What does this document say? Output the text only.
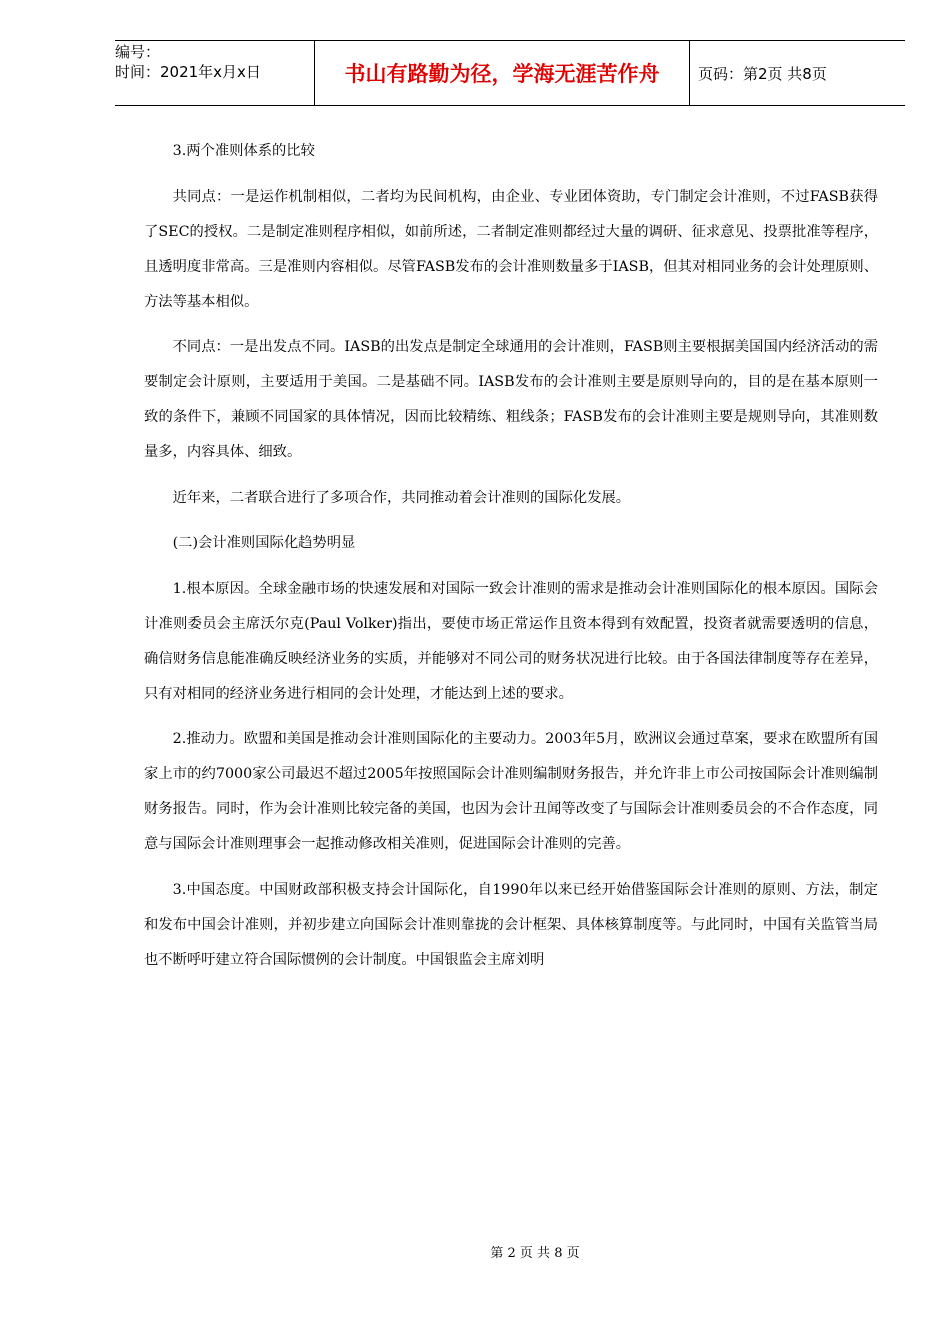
编号：
时间：2021年x月x日	书山有路勤为径，学海无涯苦作舟	页码：第2页 共8页

3.两个准则体系的比较

共同点：一是运作机制相似，二者均为民间机构，由企业、专业团体资助，专门制定会计准则，不过FASB获得了SEC的授权。二是制定准则程序相似，如前所述，二者制定准则都经过大量的调研、征求意见、投票批准等程序，且透明度非常高。三是准则内容相似。尽管FASB发布的会计准则数量多于IASB，但其对相同业务的会计处理原则、方法等基本相似。

不同点：一是出发点不同。IASB的出发点是制定全球通用的会计准则，FASB则主要根据美国国内经济活动的需要制定会计原则，主要适用于美国。二是基础不同。IASB发布的会计准则主要是原则导向的，目的是在基本原则一致的条件下，兼顾不同国家的具体情况，因而比较精练、粗线条；FASB发布的会计准则主要是规则导向，其准则数量多，内容具体、细致。

近年来，二者联合进行了多项合作，共同推动着会计准则的国际化发展。

(二)会计准则国际化趋势明显

1.根本原因。全球金融市场的快速发展和对国际一致会计准则的需求是推动会计准则国际化的根本原因。国际会计准则委员会主席沃尔克(Paul Volker)指出，要使市场正常运作且资本得到有效配置，投资者就需要透明的信息，确信财务信息能准确反映经济业务的实质，并能够对不同公司的财务状况进行比较。由于各国法律制度等存在差异，只有对相同的经济业务进行相同的会计处理，才能达到上述的要求。

2.推动力。欧盟和美国是推动会计准则国际化的主要动力。2003年5月，欧洲议会通过草案，要求在欧盟所有国家上市的约7000家公司最迟不超过2005年按照国际会计准则编制财务报告，并允许非上市公司按国际会计准则编制财务报告。同时，作为会计准则比较完备的美国，也因为会计丑闻等改变了与国际会计准则委员会的不合作态度，同意与国际会计准则理事会一起推动修改相关准则，促进国际会计准则的完善。

3.中国态度。中国财政部积极支持会计国际化，自1990年以来已经开始借鉴国际会计准则的原则、方法，制定和发布中国会计准则，并初步建立向国际会计准则靠拢的会计框架、具体核算制度等。与此同时，中国有关监管当局也不断呼吁建立符合国际惯例的会计制度。中国银监会主席刘明

第 2 页 共 8 页
